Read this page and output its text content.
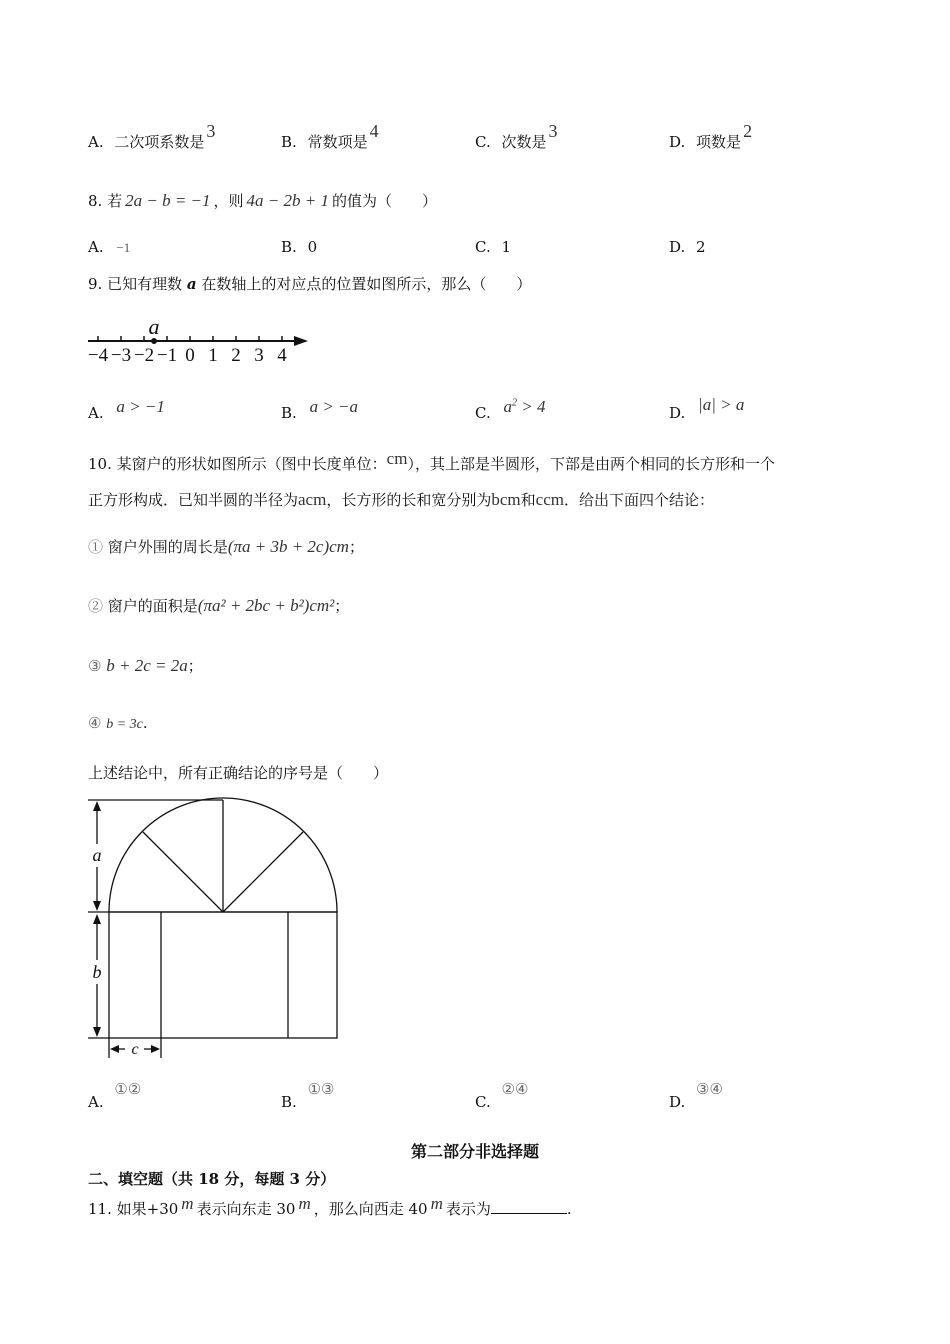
A. 二次项系数是3
B. 常数项是4
C. 次数是3
D. 项数是2
8. 若 2a − b = −1 ，则 4a − 2b + 1 的值为（ ）
A. −1	B. 0	C. 1	D. 2
9. 已知有理数 a 在数轴上的对应点的位置如图所示，那么（ ）
−4 −3 −2 −1 0 1 2 3 4
a
A. a > −1	B. a > −a	C. $a^2 > 4$	D. |a| > a
10. 某窗户的形状如图所示（图中长度单位：cm），其上部是半圆形，下部是由两个相同的长方形和一个
正方形构成．已知半圆的半径为acm，长方形的长和宽分别为bcm和ccm．给出下面四个结论：
① 窗户外围的周长是(πa + 3b + 2c)cm；
② 窗户的面积是(πa² + 2bc + b²)cm²；
③ b + 2c = 2a；
④ b = 3c.
上述结论中，所有正确结论的序号是（ ）
a
b
c
A. ①②
B. ①③
C. ②④
D. ③④
第二部分非选择题
二、填空题（共 18 分，每题 3 分）
11. 如果+30 m 表示向东走 30 m ，那么向西走 40 m 表示为	.
